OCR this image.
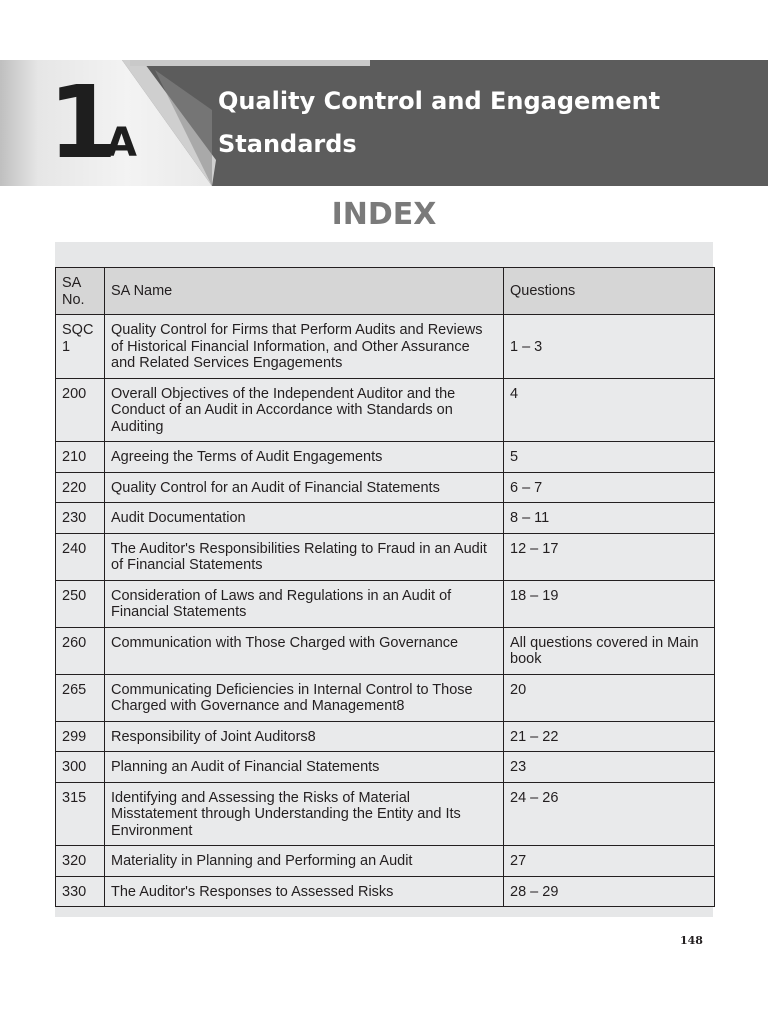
1
A
Quality Control and Engagement
Standards
INDEX
SA No.	SA Name	Questions
SQC 1	Quality Control for Firms that Perform Audits and Reviews of Historical Financial Information, and Other Assurance and Related Services Engagements	1 – 3
200	Overall Objectives of the Independent Auditor and the Conduct of an Audit in Accordance with Standards on Auditing	4
210	Agreeing the Terms of Audit Engagements	5
220	Quality Control for an Audit of Financial Statements	6 – 7
230	Audit Documentation	8 – 11
240	The Auditor's Responsibilities Relating to Fraud in an Audit of Financial Statements	12 – 17
250	Consideration of Laws and Regulations in an Audit of Financial Statements	18 – 19
260	Communication with Those Charged with Governance	All questions covered in Main book
265	Communicating Deficiencies in Internal Control to Those Charged with Governance and Management8	20
299	Responsibility of Joint Auditors8	21 – 22
300	Planning an Audit of Financial Statements	23
315	Identifying and Assessing the Risks of Material Misstatement through Understanding the Entity and Its Environment	24 – 26
320	Materiality in Planning and Performing an Audit	27
330	The Auditor's Responses to Assessed Risks	28 – 29
148
